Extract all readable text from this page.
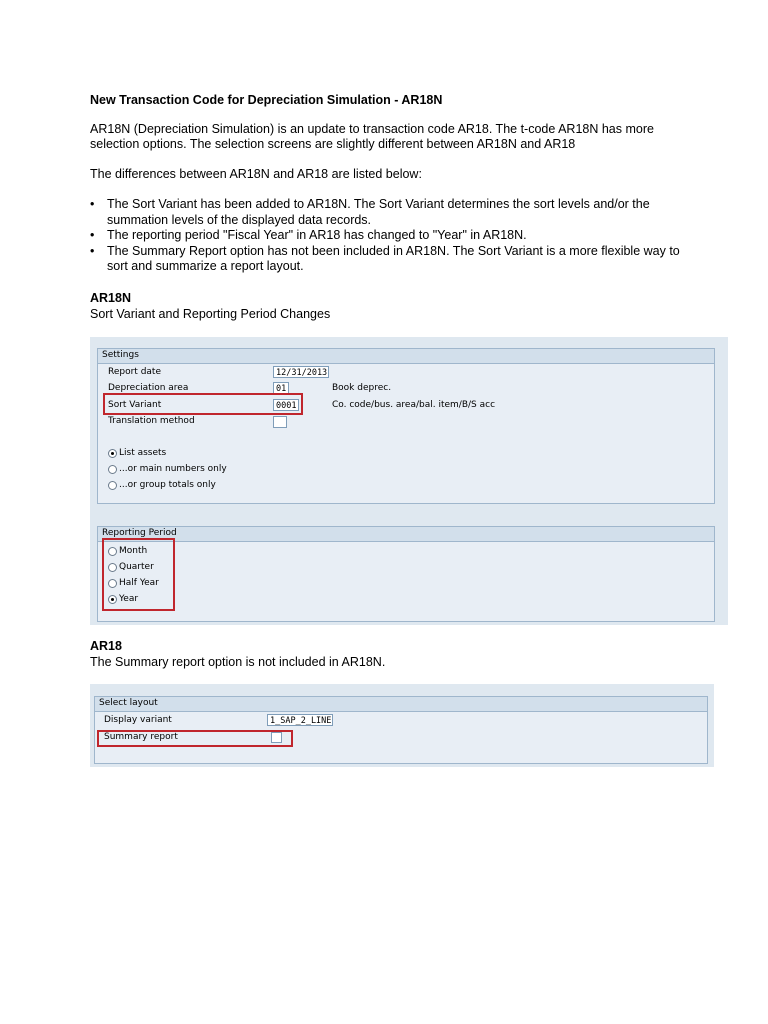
New Transaction Code for Depreciation Simulation - AR18N
AR18N (Depreciation Simulation) is an update to transaction code AR18. The t-code AR18N has more selection options. The selection screens are slightly different between AR18N and AR18
The differences between AR18N and AR18 are listed below:
• The Sort Variant has been added to AR18N. The Sort Variant determines the sort levels and/or the summation levels of the displayed data records.
• The reporting period "Fiscal Year" in AR18 has changed to "Year" in AR18N.
• The Summary Report option has not been included in AR18N. The Sort Variant is a more flexible way to sort and summarize a report layout.
AR18N
Sort Variant and Reporting Period Changes
AR18
The Summary report option is not included in AR18N.
Settings
Report date	12/31/2013
Depreciation area	01	Book deprec.
Sort Variant	0001	Co. code/bus. area/bal. item/B/S acc
Translation method
List assets
...or main numbers only
...or group totals only
Reporting Period
Month
Quarter
Half Year
Year
Select layout
Display variant	1_SAP_2_LINE
Summary report
